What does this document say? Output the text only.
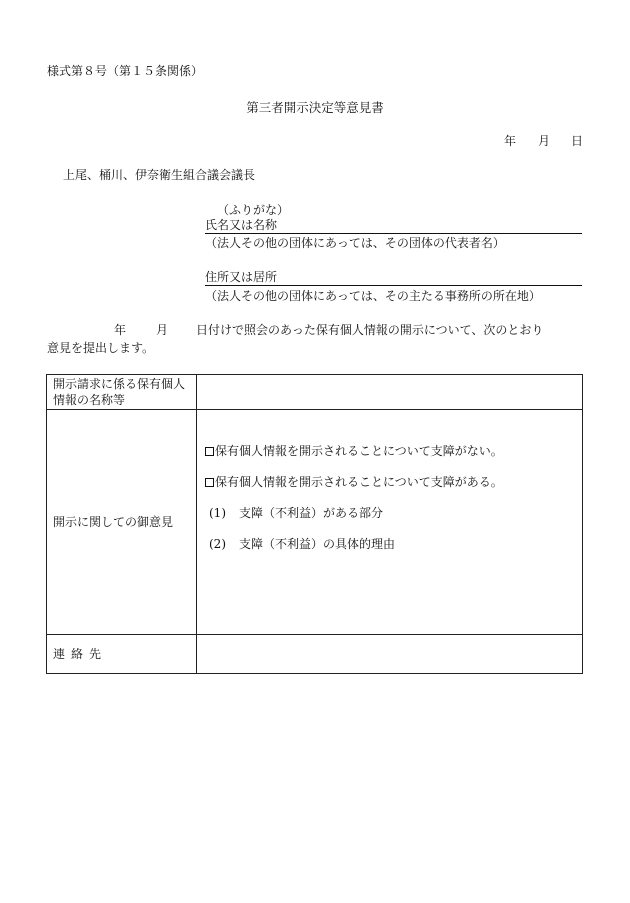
様式第８号（第１５条関係）
第三者開示決定等意見書
年 月 日
上尾、桶川、伊奈衛生組合議会議長
（ふりがな）
氏名又は名称
（法人その他の団体にあっては、その団体の代表者名）
住所又は居所
（法人その他の団体にあっては、その主たる事務所の所在地）
年 月 日付けで照会のあった保有個人情報の開示について、次のとおり
意見を提出します。
開示請求に係る保有個人情報の名称等	
開示に関しての御意見	保有個人情報を開示されることについて支障がない。

保有個人情報を開示されることについて支障がある。

(1) 支障（不利益）がある部分

(2) 支障（不利益）の具体的理由

連絡先	
